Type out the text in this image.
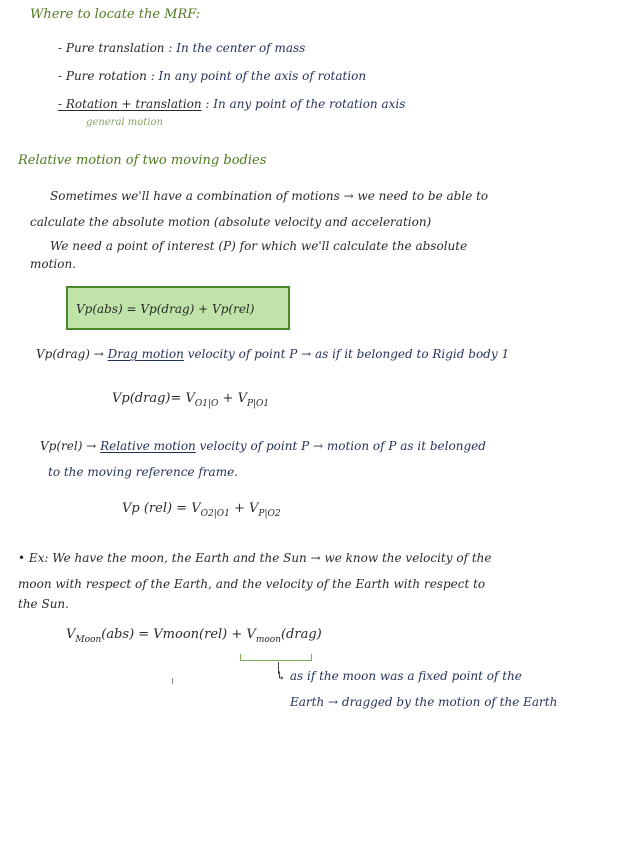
Where to locate the MRF:
- Pure translation : In the center of mass
- Pure rotation : In any point of the axis of rotation
- Rotation + translation : In any point of the rotation axis
general motion
Relative motion of two moving bodies
Sometimes we'll have a combination of motions → we need to be able to
calculate the absolute motion (absolute velocity and acceleration)
We need a point of interest (P) for which we'll calculate the absolute
motion.
Vp(abs) = Vp(drag) + Vp(rel)
Vp(drag) → Drag motion velocity of point P → as if it belonged to Rigid body 1
Vp(drag)= $V_{O1|O} + V_{P|O1}$
Vp(rel) → Relative motion velocity of point P → motion of P as it belonged
to the moving reference frame.
Vp $(rel) = V_{O2|O1} + V_{P|O2}$
• Ex: We have the moon, the Earth and the Sun → we know the velocity of the
moon with respect of the Earth, and the velocity of the Earth with respect to
the Sun.
$V_{Moon}(abs)$ = Vmoon(rel) + $V_{moon}(drag)$
↳ as if the moon was a fixed point of the
Earth → dragged by the motion of the Earth
